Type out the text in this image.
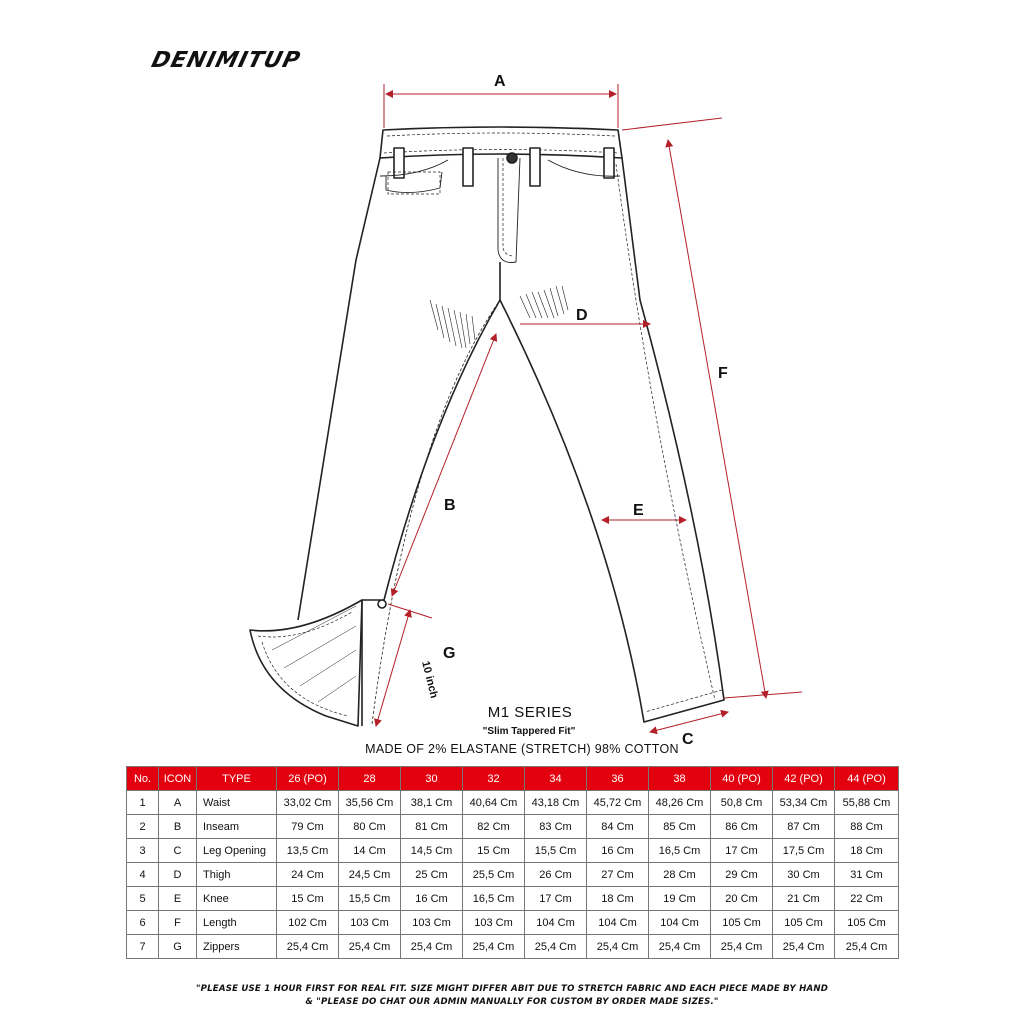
DENIMITUP
A
B
C
D
E
F
G
10 inch
M1 SERIES
"Slim Tappered Fit"
MADE OF 2% ELASTANE (STRETCH) 98% COTTON
No.	ICON	TYPE	26 (PO)	28	30	32	34	36	38	40 (PO)	42 (PO)	44 (PO)
1	A	Waist	33,02 Cm	35,56 Cm	38,1 Cm	40,64 Cm	43,18 Cm	45,72 Cm	48,26 Cm	50,8 Cm	53,34 Cm	55,88 Cm
2	B	Inseam	79 Cm	80 Cm	81 Cm	82 Cm	83 Cm	84 Cm	85 Cm	86 Cm	87 Cm	88 Cm
3	C	Leg Opening	13,5 Cm	14 Cm	14,5 Cm	15 Cm	15,5 Cm	16 Cm	16,5 Cm	17 Cm	17,5 Cm	18 Cm
4	D	Thigh	24 Cm	24,5 Cm	25 Cm	25,5 Cm	26 Cm	27 Cm	28 Cm	29 Cm	30 Cm	31 Cm
5	E	Knee	15 Cm	15,5 Cm	16 Cm	16,5 Cm	17 Cm	18 Cm	19 Cm	20 Cm	21 Cm	22 Cm
6	F	Length	102 Cm	103 Cm	103 Cm	103 Cm	104 Cm	104 Cm	104 Cm	105 Cm	105 Cm	105 Cm
7	G	Zippers	25,4 Cm	25,4 Cm	25,4 Cm	25,4 Cm	25,4 Cm	25,4 Cm	25,4 Cm	25,4 Cm	25,4 Cm	25,4 Cm
"PLEASE USE 1 HOUR FIRST FOR REAL FIT. SIZE MIGHT DIFFER ABIT DUE TO STRETCH FABRIC AND EACH PIECE MADE BY HAND
& "PLEASE DO CHAT OUR ADMIN MANUALLY FOR CUSTOM BY ORDER MADE SIZES."
